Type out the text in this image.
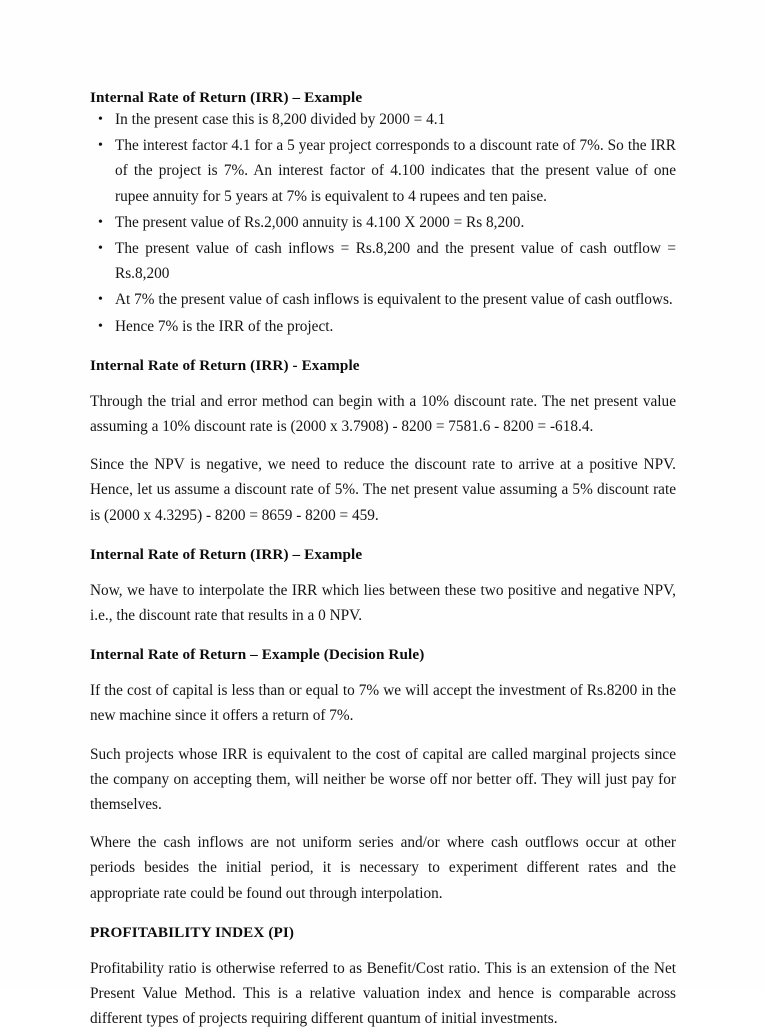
Internal Rate of Return (IRR) – Example
• In the present case this is 8,200 divided by 2000 = 4.1
• The interest factor 4.1 for a 5 year project corresponds to a discount rate of 7%. So the IRR of the project is 7%. An interest factor of 4.100 indicates that the present value of one rupee annuity for 5 years at 7% is equivalent to 4 rupees and ten paise.
• The present value of Rs.2,000 annuity is 4.100 X 2000 = Rs 8,200.
• The present value of cash inflows = Rs.8,200 and the present value of cash outflow = Rs.8,200
• At 7% the present value of cash inflows is equivalent to the present value of cash outflows.
• Hence 7% is the IRR of the project.
Internal Rate of Return (IRR) - Example

Through the trial and error method can begin with a 10% discount rate. The net present value assuming a 10% discount rate is (2000 x 3.7908) - 8200 = 7581.6 - 8200 = -618.4.

Since the NPV is negative, we need to reduce the discount rate to arrive at a positive NPV. Hence, let us assume a discount rate of 5%. The net present value assuming a 5% discount rate is (2000 x 4.3295) - 8200 = 8659 - 8200 = 459.

Internal Rate of Return (IRR) – Example

Now, we have to interpolate the IRR which lies between these two positive and negative NPV, i.e., the discount rate that results in a 0 NPV.

Internal Rate of Return – Example (Decision Rule)

If the cost of capital is less than or equal to 7% we will accept the investment of Rs.8200 in the new machine since it offers a return of 7%.

Such projects whose IRR is equivalent to the cost of capital are called marginal projects since the company on accepting them, will neither be worse off nor better off. They will just pay for themselves.

Where the cash inflows are not uniform series and/or where cash outflows occur at other periods besides the initial period, it is necessary to experiment different rates and the appropriate rate could be found out through interpolation.

PROFITABILITY INDEX (PI)

Profitability ratio is otherwise referred to as Benefit/Cost ratio. This is an extension of the Net Present Value Method. This is a relative valuation index and hence is comparable across different types of projects requiring different quantum of initial investments.
